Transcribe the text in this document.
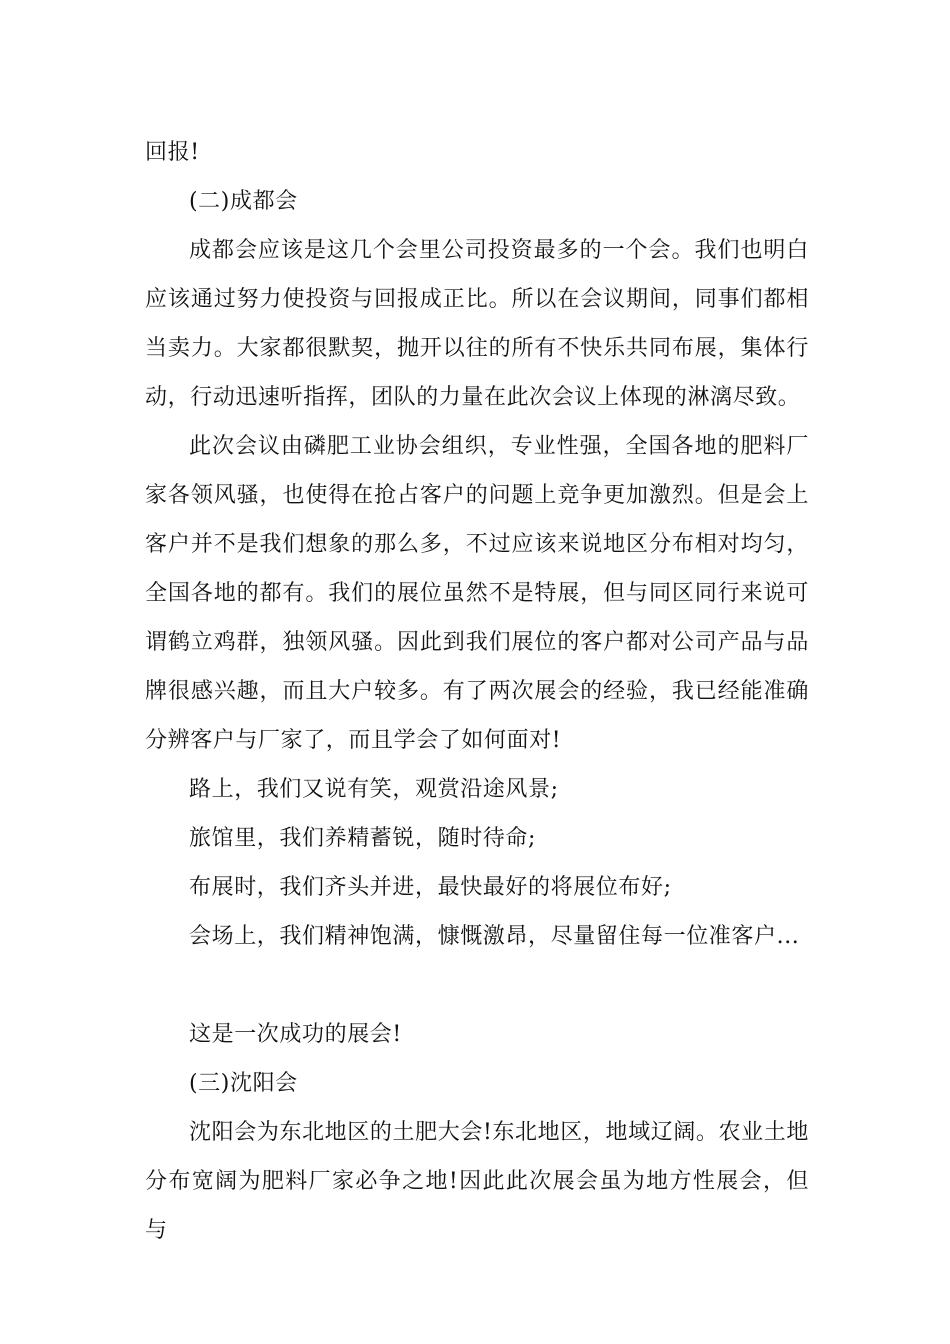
回报!

(二)成都会

成都会应该是这几个会里公司投资最多的一个会。我们也明白应该通过努力使投资与回报成正比。所以在会议期间，同事们都相当卖力。大家都很默契，抛开以往的所有不快乐共同布展，集体行动，行动迅速听指挥，团队的力量在此次会议上体现的淋漓尽致。

此次会议由磷肥工业协会组织，专业性强，全国各地的肥料厂家各领风骚，也使得在抢占客户的问题上竞争更加激烈。但是会上客户并不是我们想象的那么多，不过应该来说地区分布相对均匀，全国各地的都有。我们的展位虽然不是特展，但与同区同行来说可谓鹤立鸡群，独领风骚。因此到我们展位的客户都对公司产品与品牌很感兴趣，而且大户较多。有了两次展会的经验，我已经能准确分辨客户与厂家了，而且学会了如何面对!

路上，我们又说有笑，观赏沿途风景;

旅馆里，我们养精蓄锐，随时待命;

布展时，我们齐头并进，最快最好的将展位布好;

会场上，我们精神饱满，慷慨激昂，尽量留住每一位准客户...

这是一次成功的展会!

(三)沈阳会

沈阳会为东北地区的土肥大会!东北地区，地域辽阔。农业土地分布宽阔为肥料厂家必争之地!因此此次展会虽为地方性展会，但与
